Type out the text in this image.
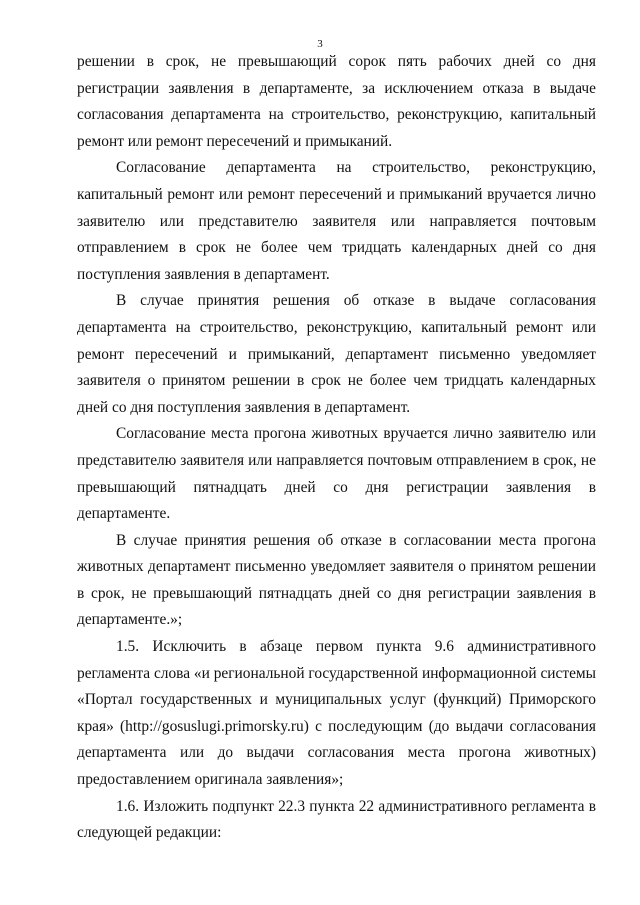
3

решении в срок, не превышающий сорок пять рабочих дней со дня регистрации заявления в департаменте, за исключением отказа в выдаче согласования департамента на строительство, реконструкцию, капитальный ремонт или ремонт пересечений и примыканий.

Согласование департамента на строительство, реконструкцию, капитальный ремонт или ремонт пересечений и примыканий вручается лично заявителю или представителю заявителя или направляется почтовым отправлением в срок не более чем тридцать календарных дней со дня поступления заявления в департамент.

В случае принятия решения об отказе в выдаче согласования департамента на строительство, реконструкцию, капитальный ремонт или ремонт пересечений и примыканий, департамент письменно уведомляет заявителя о принятом решении в срок не более чем тридцать календарных дней со дня поступления заявления в департамент.

Согласование места прогона животных вручается лично заявителю или представителю заявителя или направляется почтовым отправлением в срок, не превышающий пятнадцать дней со дня регистрации заявления в департаменте.

В случае принятия решения об отказе в согласовании места прогона животных департамент письменно уведомляет заявителя о принятом решении в срок, не превышающий пятнадцать дней со дня регистрации заявления в департаменте.»;

1.5. Исключить в абзаце первом пункта 9.6 административного регламента слова «и региональной государственной информационной системы «Портал государственных и муниципальных услуг (функций) Приморского края» (http://gosuslugi.primorsky.ru) с последующим (до выдачи согласования департамента или до выдачи согласования места прогона животных) предоставлением оригинала заявления»;

1.6. Изложить подпункт 22.3 пункта 22 административного регламента в следующей редакции:
